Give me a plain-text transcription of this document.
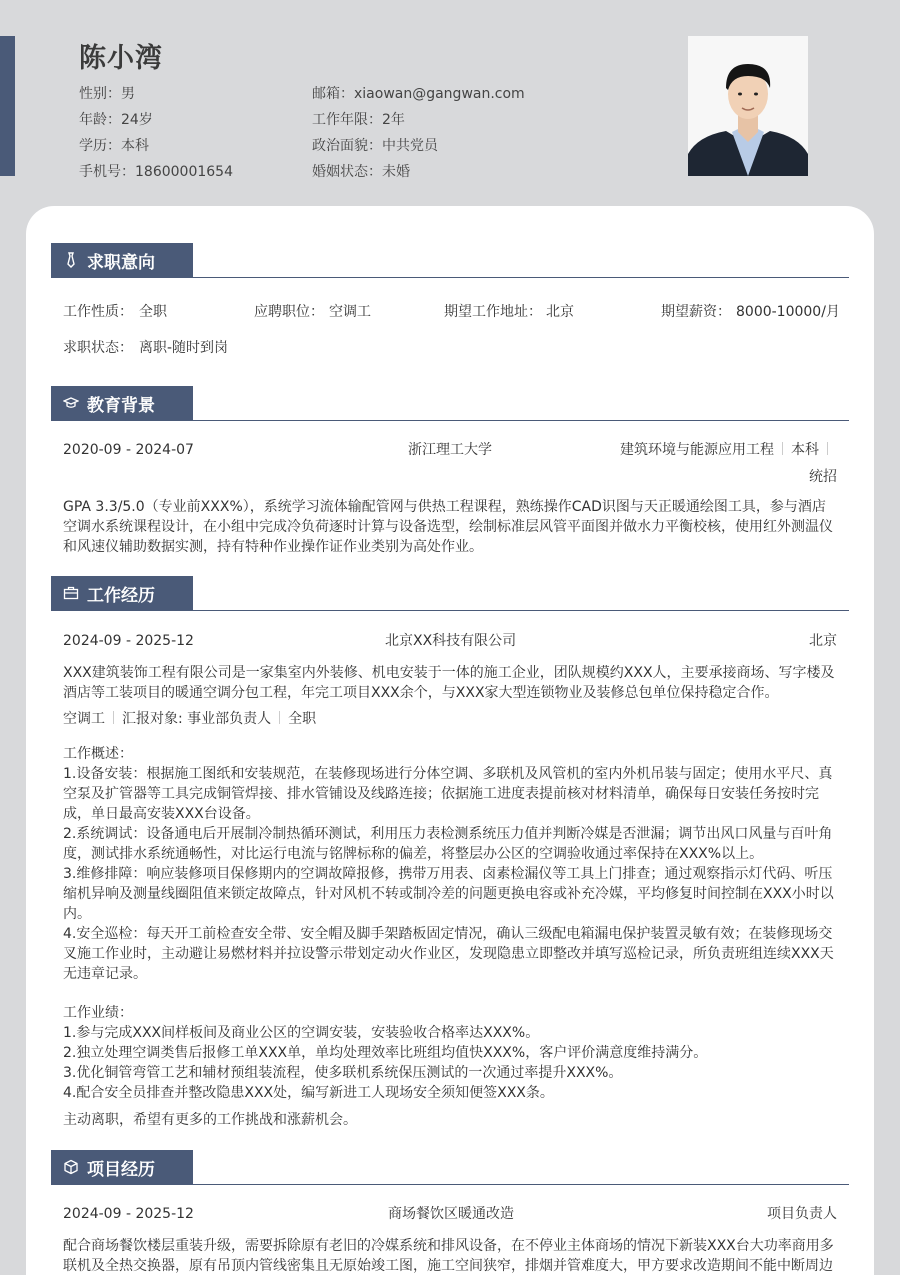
陈小湾
性别：男
年龄：24岁
学历：本科
手机号：18600001654
邮箱：xiaowan@gangwan.com
工作年限：2年
政治面貌：中共党员
婚姻状态：未婚
求职意向
工作性质： 全职	应聘职位： 空调工	期望工作地址： 北京	期望薪资： 8000-10000/月
求职状态： 离职-随时到岗
教育背景
2020-09 - 2024-07	浙江理工大学	建筑环境与能源应用工程 本科
统招
GPA 3.3/5.0（专业前XXX%），系统学习流体输配管网与供热工程课程，熟练操作CAD识图与天正暖通绘图工具，参与酒店空调水系统课程设计，在小组中完成冷负荷逐时计算与设备选型，绘制标准层风管平面图并做水力平衡校核，使用红外测温仪和风速仪辅助数据实测，持有特种作业操作证作业类别为高处作业。
工作经历
2024-09 - 2025-12	北京XX科技有限公司	北京
XXX建筑装饰工程有限公司是一家集室内外装修、机电安装于一体的施工企业，团队规模约XXX人，主要承接商场、写字楼及酒店等工装项目的暖通空调分包工程，年完工项目XXX余个，与XXX家大型连锁物业及装修总包单位保持稳定合作。
空调工 汇报对象: 事业部负责人 全职
工作概述：
1.设备安装：根据施工图纸和安装规范，在装修现场进行分体空调、多联机及风管机的室内外机吊装与固定；使用水平尺、真空泵及扩管器等工具完成铜管焊接、排水管铺设及线路连接；依据施工进度表提前核对材料清单，确保每日安装任务按时完成，单日最高安装XXX台设备。
2.系统调试：设备通电后开展制冷制热循环测试，利用压力表检测系统压力值并判断冷媒是否泄漏；调节出风口风量与百叶角度，测试排水系统通畅性，对比运行电流与铭牌标称的偏差，将整层办公区的空调验收通过率保持在XXX%以上。
3.维修排障：响应装修项目保修期内的空调故障报修，携带万用表、卤素检漏仪等工具上门排查；通过观察指示灯代码、听压缩机异响及测量线圈阻值来锁定故障点，针对风机不转或制冷差的问题更换电容或补充冷媒，平均修复时间控制在XXX小时以内。
4.安全巡检：每天开工前检查安全带、安全帽及脚手架踏板固定情况，确认三级配电箱漏电保护装置灵敏有效；在装修现场交叉施工作业时，主动避让易燃材料并拉设警示带划定动火作业区，发现隐患立即整改并填写巡检记录，所负责班组连续XXX天无违章记录。
工作业绩：
1.参与完成XXX间样板间及商业公区的空调安装，安装验收合格率达XXX%。
2.独立处理空调类售后报修工单XXX单，单均处理效率比班组均值快XXX%，客户评价满意度维持满分。
3.优化铜管弯管工艺和辅材预组装流程，使多联机系统保压测试的一次通过率提升XXX%。
4.配合安全员排查并整改隐患XXX处，编写新进工人现场安全须知便签XXX条。
主动离职，希望有更多的工作挑战和涨薪机会。
项目经历
2024-09 - 2025-12	商场餐饮区暖通改造	项目负责人
配合商场餐饮楼层重装升级，需要拆除原有老旧的冷媒系统和排风设备，在不停业主体商场的情况下新装XXX台大功率商用多联机及全热交换器，原有吊顶内管线密集且无原始竣工图，施工空间狭窄，排烟并管难度大，甲方要求改造期间不能中断周边
